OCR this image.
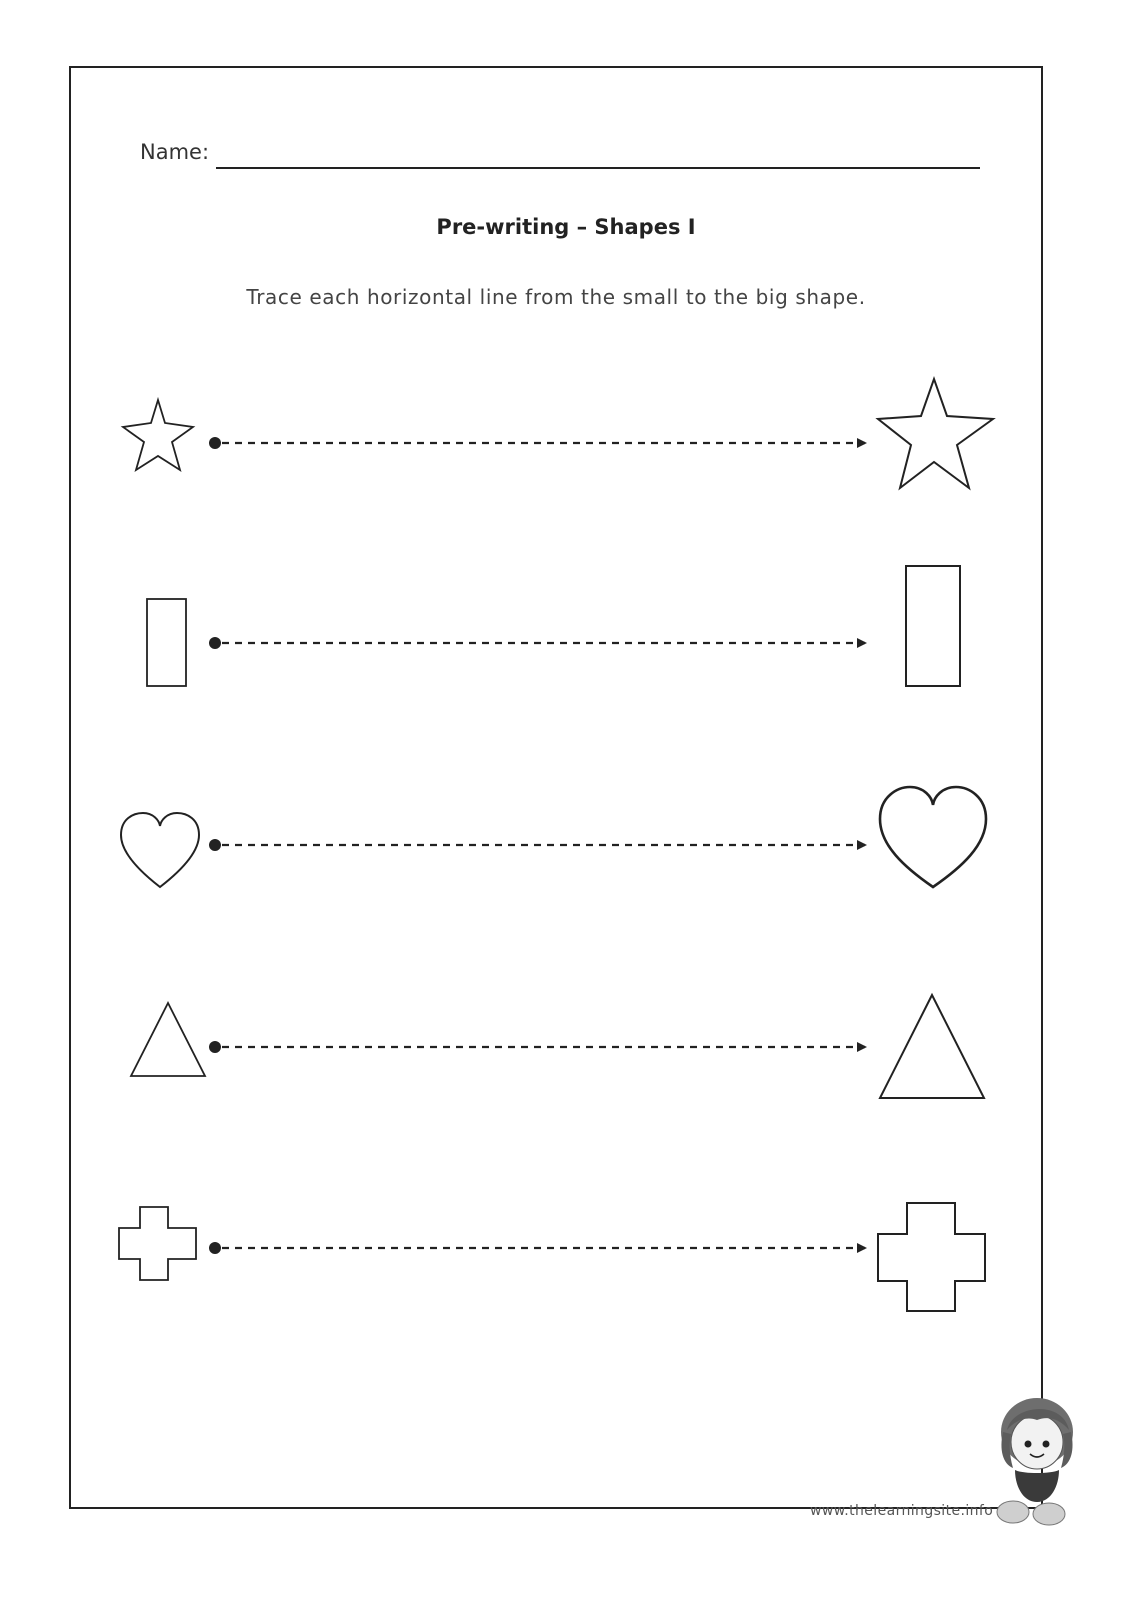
Name:
Pre-writing – Shapes I
Trace each horizontal line from the small to the big shape.
www.thelearningsite.info
